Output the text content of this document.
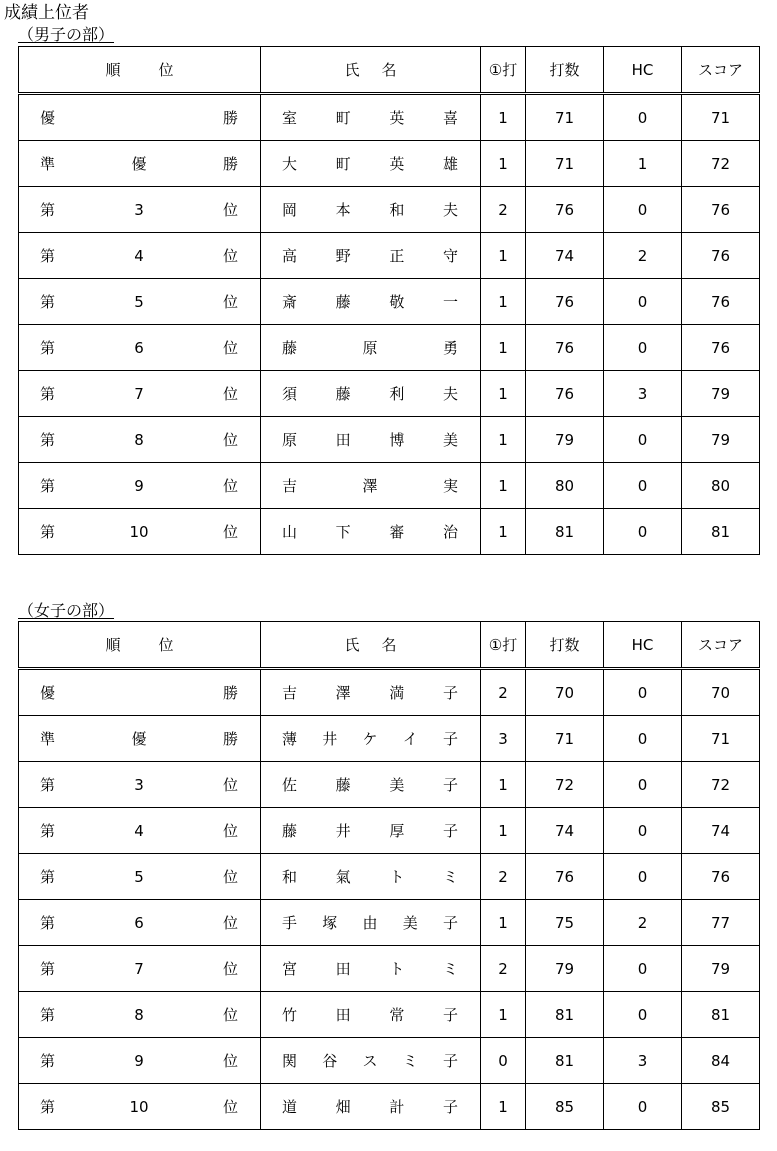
成績上位者
（男子の部）
順 位	氏 名	①打	打数	HC	スコア

優 勝	室 町 英 喜	1	71	0	71

準 優 勝	大 町 英 雄	1	71	1	72

第 3 位	岡 本 和 夫	2	76	0	76

第 4 位	高 野 正 守	1	74	2	76

第 5 位	斎 藤 敬 一	1	76	0	76

第 6 位	藤 原 勇	1	76	0	76

第 7 位	須 藤 利 夫	1	76	3	79

第 8 位	原 田 博 美	1	79	0	79

第 9 位	吉 澤 実	1	80	0	80

第 10 位	山 下 審 治	1	81	0	81
（女子の部）
順 位	氏 名	①打	打数	HC	スコア

優 勝	吉 澤 満 子	2	70	0	70

準 優 勝	薄 井 ケ イ 子	3	71	0	71

第 3 位	佐 藤 美 子	1	72	0	72

第 4 位	藤 井 厚 子	1	74	0	74

第 5 位	和 氣 ト ミ	2	76	0	76

第 6 位	手 塚 由 美 子	1	75	2	77

第 7 位	宮 田 ト ミ	2	79	0	79

第 8 位	竹 田 常 子	1	81	0	81

第 9 位	関 谷 ス ミ 子	0	81	3	84

第 10 位	道 畑 計 子	1	85	0	85
